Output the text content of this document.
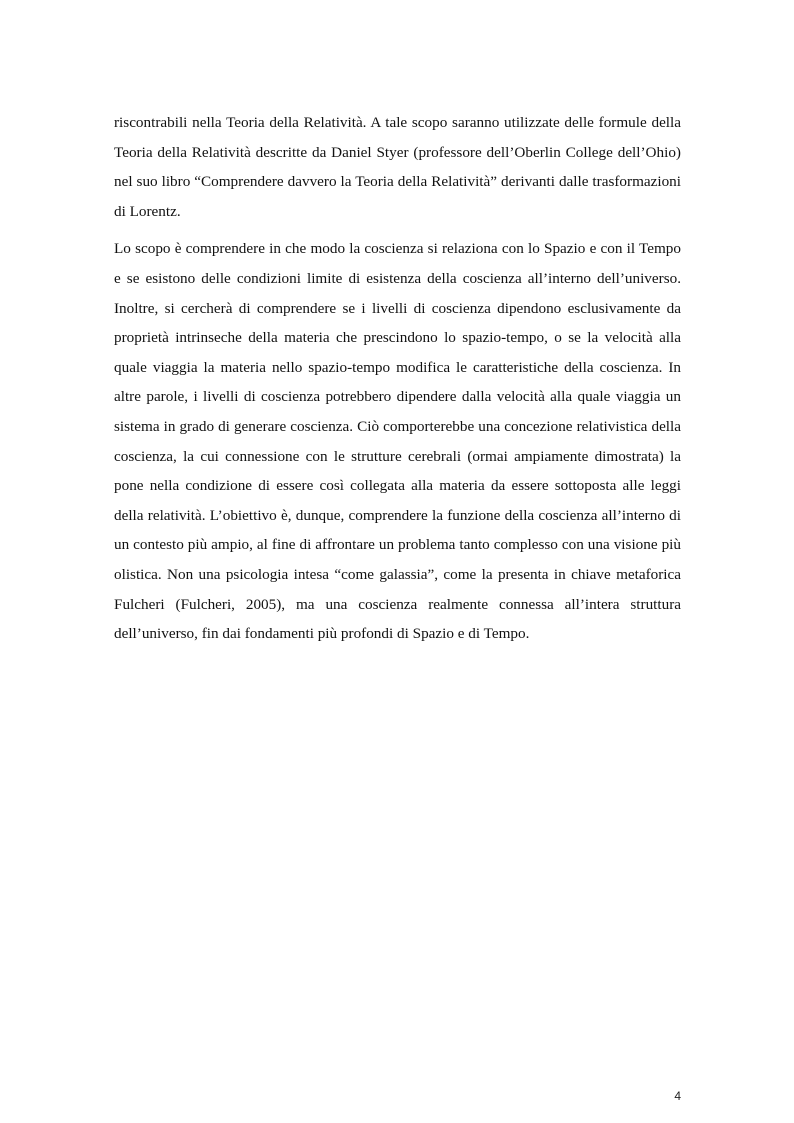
riscontrabili nella Teoria della Relatività. A tale scopo saranno utilizzate delle formule della Teoria della Relatività descritte da Daniel Styer (professore dell’Oberlin College dell’Ohio) nel suo libro “Comprendere davvero la Teoria della Relatività” derivanti dalle trasformazioni di Lorentz.

Lo scopo è comprendere in che modo la coscienza si relaziona con lo Spazio e con il Tempo e se esistono delle condizioni limite di esistenza della coscienza all’interno dell’universo. Inoltre, si cercherà di comprendere se i livelli di coscienza dipendono esclusivamente da proprietà intrinseche della materia che prescindono lo spazio-tempo, o se la velocità alla quale viaggia la materia nello spazio-tempo modifica le caratteristiche della coscienza. In altre parole, i livelli di coscienza potrebbero dipendere dalla velocità alla quale viaggia un sistema in grado di generare coscienza. Ciò comporterebbe una concezione relativistica della coscienza, la cui connessione con le strutture cerebrali (ormai ampiamente dimostrata) la pone nella condizione di essere così collegata alla materia da essere sottoposta alle leggi della relatività. L’obiettivo è, dunque, comprendere la funzione della coscienza all’interno di un contesto più ampio, al fine di affrontare un problema tanto complesso con una visione più olistica. Non una psicologia intesa “come galassia”, come la presenta in chiave metaforica Fulcheri (Fulcheri, 2005), ma una coscienza realmente connessa all’intera struttura dell’universo, fin dai fondamenti più profondi di Spazio e di Tempo.

4
